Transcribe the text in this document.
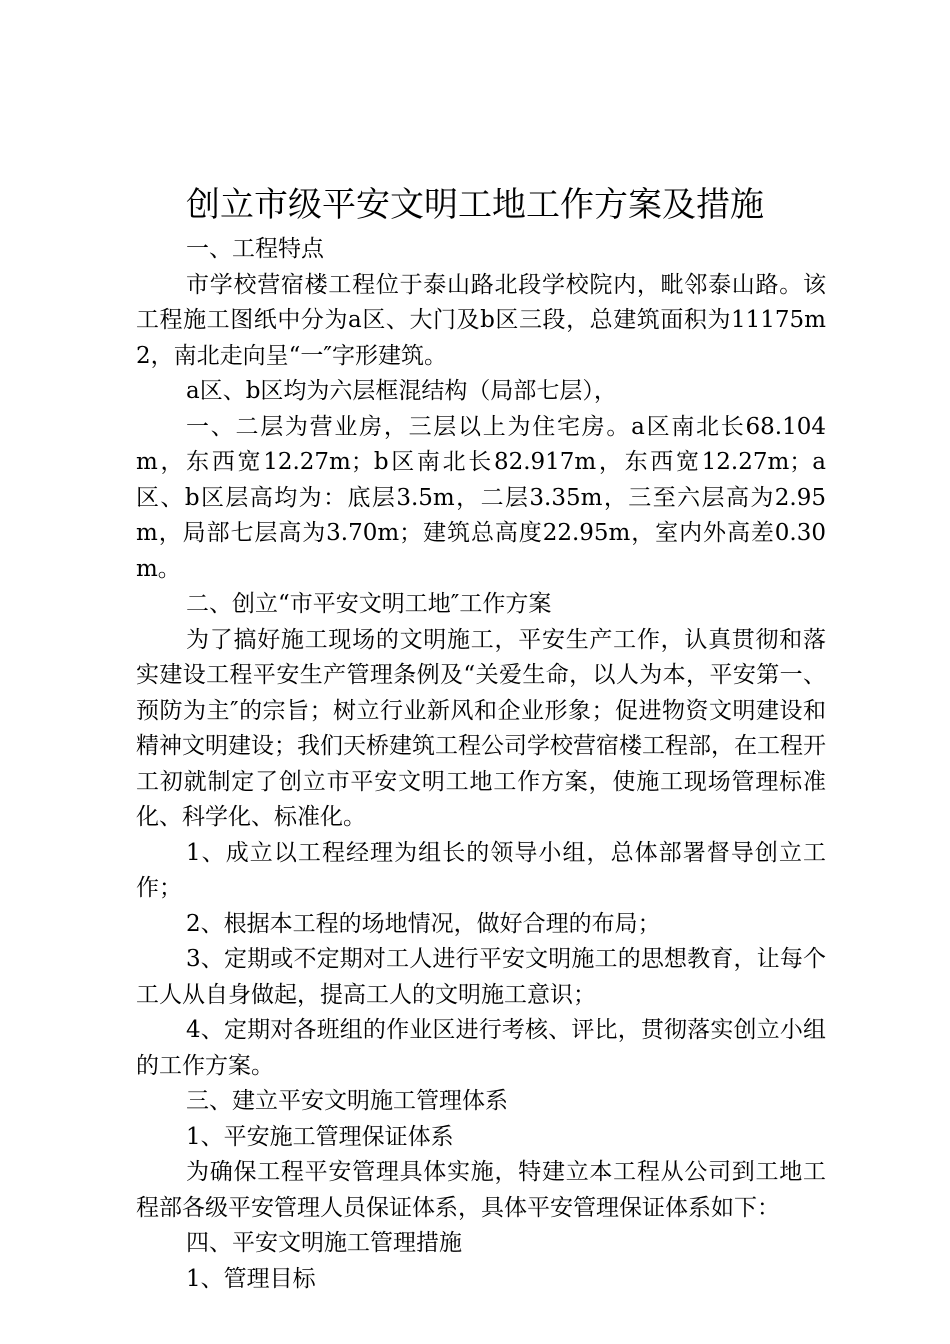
创立市级平安文明工地工作方案及措施

一、工程特点

市学校营宿楼工程位于泰山路北段学校院内，毗邻泰山路。该工程施工图纸中分为a区、大门及b区三段，总建筑面积为11175m2，南北走向呈“一″字形建筑。

a区、b区均为六层框混结构（局部七层），

一、二层为营业房，三层以上为住宅房。a区南北长68.104m，东西宽12.27m；b区南北长82.917m，东西宽12.27m；a区、b区层高均为：底层3.5m，二层3.35m，三至六层高为2.95m，局部七层高为3.70m；建筑总高度22.95m，室内外高差0.30m。

二、创立“市平安文明工地″工作方案

为了搞好施工现场的文明施工，平安生产工作，认真贯彻和落实建设工程平安生产管理条例及“关爱生命，以人为本，平安第一、预防为主″的宗旨；树立行业新风和企业形象；促进物资文明建设和精神文明建设；我们天桥建筑工程公司学校营宿楼工程部，在工程开工初就制定了创立市平安文明工地工作方案，使施工现场管理标准化、科学化、标准化。

1、成立以工程经理为组长的领导小组，总体部署督导创立工作；

2、根据本工程的场地情况，做好合理的布局；

3、定期或不定期对工人进行平安文明施工的思想教育，让每个工人从自身做起，提高工人的文明施工意识；

4、定期对各班组的作业区进行考核、评比，贯彻落实创立小组的工作方案。

三、建立平安文明施工管理体系

1、平安施工管理保证体系

为确保工程平安管理具体实施，特建立本工程从公司到工地工程部各级平安管理人员保证体系，具体平安管理保证体系如下：

四、平安文明施工管理措施

1、管理目标
